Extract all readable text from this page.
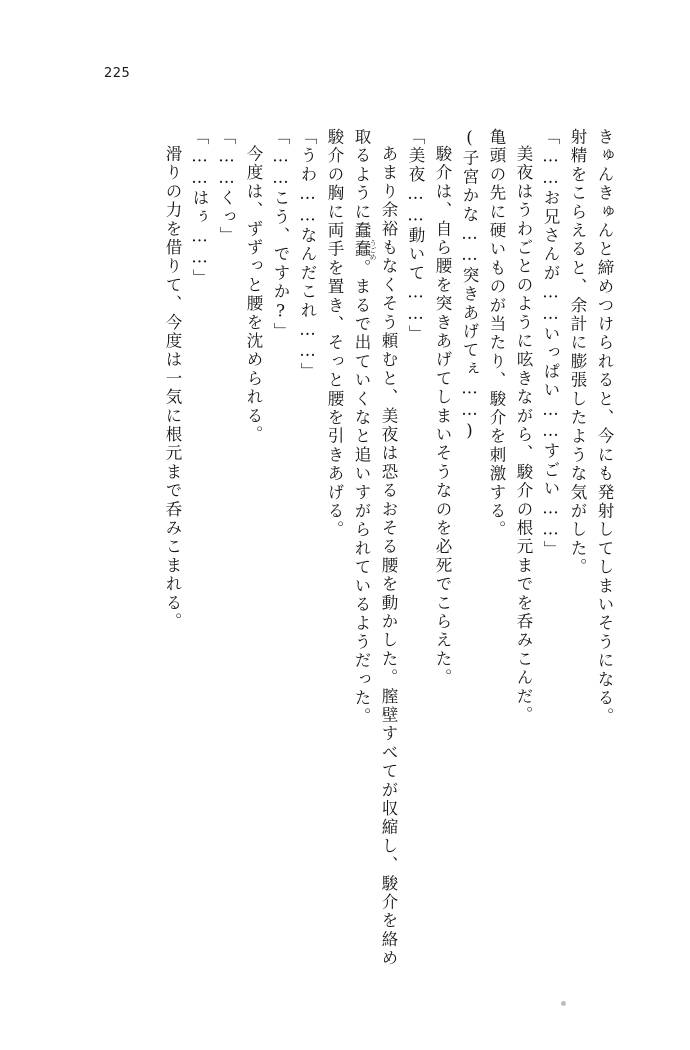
225
きゅんきゅんと締めつけられると、今にも発射してしまいそうになる。
射精をこらえると、余計に膨張したような気がした。
「……お兄さんが……いっぱい……すごい……」
美夜はうわごとのように呟きながら、駿介の根元までを呑みこんだ。
亀頭の先に硬いものが当たり、駿介を刺激する。
(子宮かな……突きあげてぇ……)
駿介は、自ら腰を突きあげてしまいそうなのを必死でこらえた。
「美夜……動いて……」
あまり余裕もなくそう頼むと、美夜は恐るおそる腰を動かした。膣壁すべてが収縮し、駿介を絡め
取るように蠢蠢
うごめ
。まるで出ていくなと追いすがられているようだった。
駿介の胸に両手を置き、そっと腰を引きあげる。
「うわ……なんだこれ……」
「……こう、ですか?」
今度は、ずずっと腰を沈められる。
「……くっ」
「……はぅ……」
滑りの力を借りて、今度は一気に根元まで呑みこまれる。
